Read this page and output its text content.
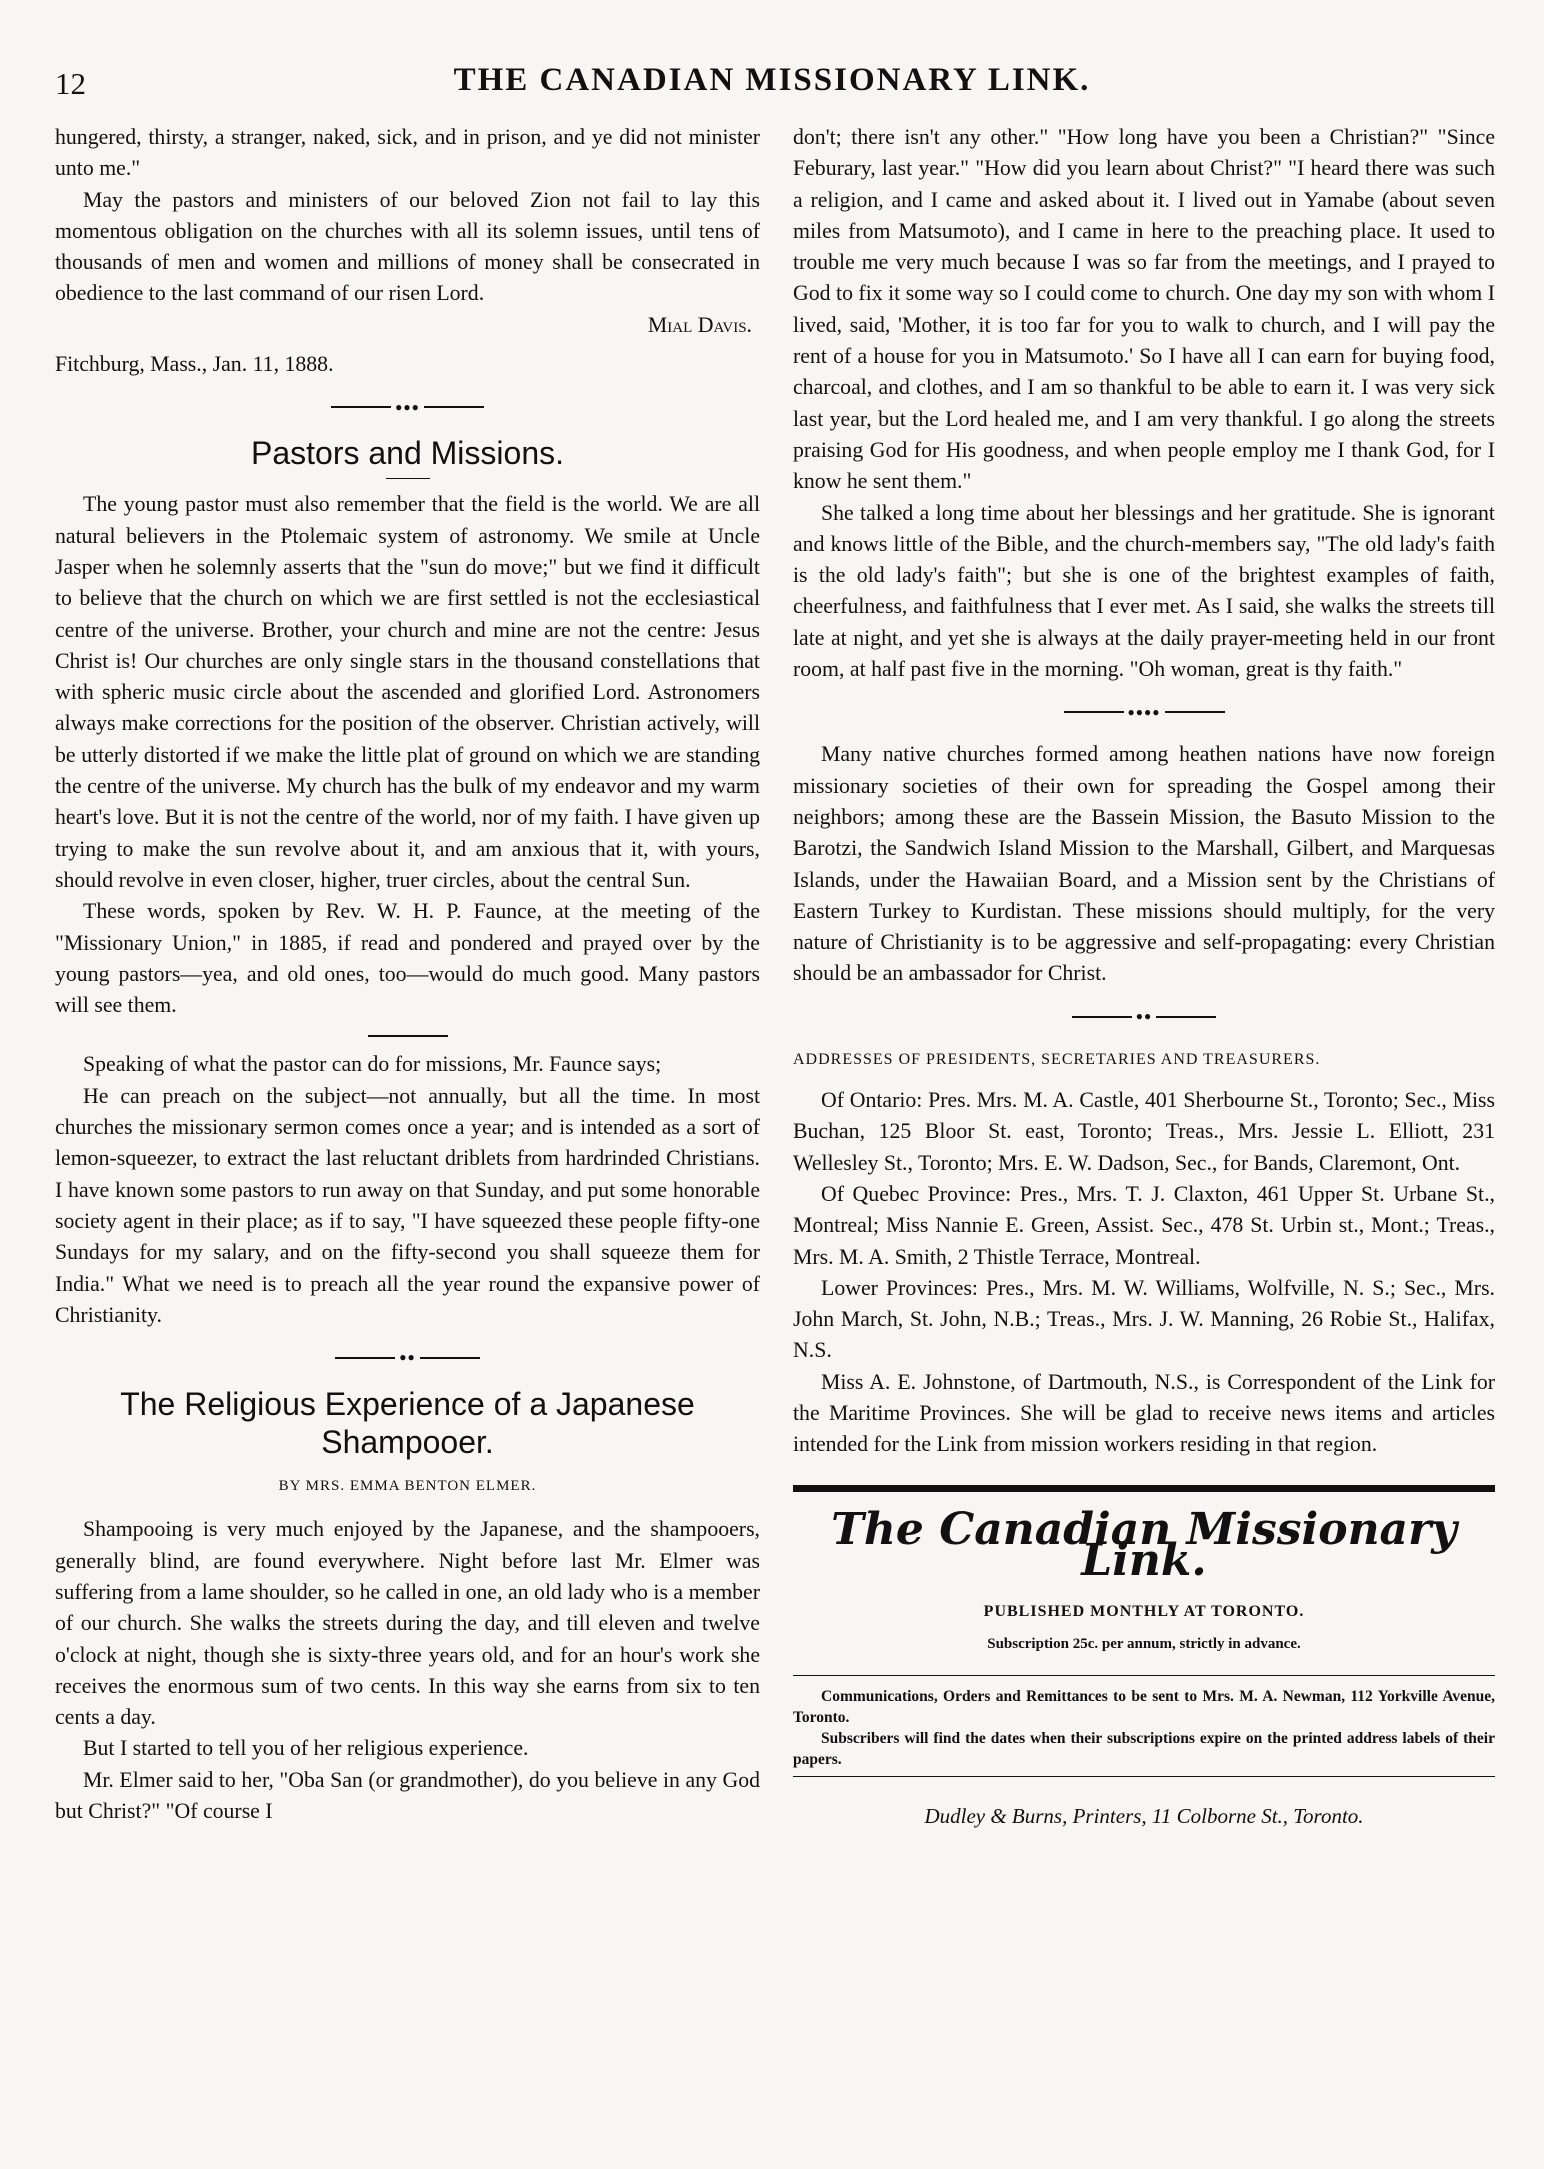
12	THE CANADIAN MISSIONARY LINK.

hungered, thirsty, a stranger, naked, sick, and in prison, and ye did not minister unto me."

May the pastors and ministers of our beloved Zion not fail to lay this momentous obligation on the churches with all its solemn issues, until tens of thousands of men and women and millions of money shall be consecrated in obedience to the last command of our risen Lord.

Mial Davis.

Fitchburg, Mass., Jan. 11, 1888.

●●●
Pastors and Missions.

The young pastor must also remember that the field is the world. We are all natural believers in the Ptolemaic system of astronomy. We smile at Uncle Jasper when he solemnly asserts that the "sun do move;" but we find it difficult to believe that the church on which we are first settled is not the ecclesiastical centre of the universe. Brother, your church and mine are not the centre: Jesus Christ is! Our churches are only single stars in the thousand constellations that with spheric music circle about the ascended and glorified Lord. Astronomers always make corrections for the position of the observer. Christian actively, will be utterly distorted if we make the little plat of ground on which we are standing the centre of the universe. My church has the bulk of my endeavor and my warm heart's love. But it is not the centre of the world, nor of my faith. I have given up trying to make the sun revolve about it, and am anxious that it, with yours, should revolve in even closer, higher, truer circles, about the central Sun.

These words, spoken by Rev. W. H. P. Faunce, at the meeting of the "Missionary Union," in 1885, if read and pondered and prayed over by the young pastors—yea, and old ones, too—would do much good. Many pastors will see them.

Speaking of what the pastor can do for missions, Mr. Faunce says;

He can preach on the subject—not annually, but all the time. In most churches the missionary sermon comes once a year; and is intended as a sort of lemon-squeezer, to extract the last reluctant driblets from hardrinded Christians. I have known some pastors to run away on that Sunday, and put some honorable society agent in their place; as if to say, "I have squeezed these people fifty-one Sundays for my salary, and on the fifty-second you shall squeeze them for India." What we need is to preach all the year round the expansive power of Christianity.

●●
The Religious Experience of a Japanese Shampooer.
BY MRS. EMMA BENTON ELMER.

Shampooing is very much enjoyed by the Japanese, and the shampooers, generally blind, are found everywhere. Night before last Mr. Elmer was suffering from a lame shoulder, so he called in one, an old lady who is a member of our church. She walks the streets during the day, and till eleven and twelve o'clock at night, though she is sixty-three years old, and for an hour's work she receives the enormous sum of two cents. In this way she earns from six to ten cents a day.

But I started to tell you of her religious experience.

Mr. Elmer said to her, "Oba San (or grandmother), do you believe in any God but Christ?" "Of course I

don't; there isn't any other." "How long have you been a Christian?" "Since Feburary, last year." "How did you learn about Christ?" "I heard there was such a religion, and I came and asked about it. I lived out in Yamabe (about seven miles from Matsumoto), and I came in here to the preaching place. It used to trouble me very much because I was so far from the meetings, and I prayed to God to fix it some way so I could come to church. One day my son with whom I lived, said, 'Mother, it is too far for you to walk to church, and I will pay the rent of a house for you in Matsumoto.' So I have all I can earn for buying food, charcoal, and clothes, and I am so thankful to be able to earn it. I was very sick last year, but the Lord healed me, and I am very thankful. I go along the streets praising God for His goodness, and when people employ me I thank God, for I know he sent them."

She talked a long time about her blessings and her gratitude. She is ignorant and knows little of the Bible, and the church-members say, "The old lady's faith is the old lady's faith"; but she is one of the brightest examples of faith, cheerfulness, and faithfulness that I ever met. As I said, she walks the streets till late at night, and yet she is always at the daily prayer-meeting held in our front room, at half past five in the morning. "Oh woman, great is thy faith."

●●●●

Many native churches formed among heathen nations have now foreign missionary societies of their own for spreading the Gospel among their neighbors; among these are the Bassein Mission, the Basuto Mission to the Barotzi, the Sandwich Island Mission to the Marshall, Gilbert, and Marquesas Islands, under the Hawaiian Board, and a Mission sent by the Christians of Eastern Turkey to Kurdistan. These missions should multiply, for the very nature of Christianity is to be aggressive and self-propagating: every Christian should be an ambassador for Christ.

●●
ADDRESSES OF PRESIDENTS, SECRETARIES AND TREASURERS.

Of Ontario: Pres. Mrs. M. A. Castle, 401 Sherbourne St., Toronto; Sec., Miss Buchan, 125 Bloor St. east, Toronto; Treas., Mrs. Jessie L. Elliott, 231 Wellesley St., Toronto; Mrs. E. W. Dadson, Sec., for Bands, Claremont, Ont.

Of Quebec Province: Pres., Mrs. T. J. Claxton, 461 Upper St. Urbane St., Montreal; Miss Nannie E. Green, Assist. Sec., 478 St. Urbin st., Mont.; Treas., Mrs. M. A. Smith, 2 Thistle Terrace, Montreal.

Lower Provinces: Pres., Mrs. M. W. Williams, Wolfville, N. S.; Sec., Mrs. John March, St. John, N.B.; Treas., Mrs. J. W. Manning, 26 Robie St., Halifax, N.S.

Miss A. E. Johnstone, of Dartmouth, N.S., is Correspondent of the Link for the Maritime Provinces. She will be glad to receive news items and articles intended for the Link from mission workers residing in that region.

The Canadian Missionary Link.
PUBLISHED MONTHLY AT TORONTO.
Subscription 25c. per annum, strictly in advance.

Communications, Orders and Remittances to be sent to Mrs. M. A. Newman, 112 Yorkville Avenue, Toronto.

Subscribers will find the dates when their subscriptions expire on the printed address labels of their papers.

Dudley & Burns, Printers, 11 Colborne St., Toronto.
